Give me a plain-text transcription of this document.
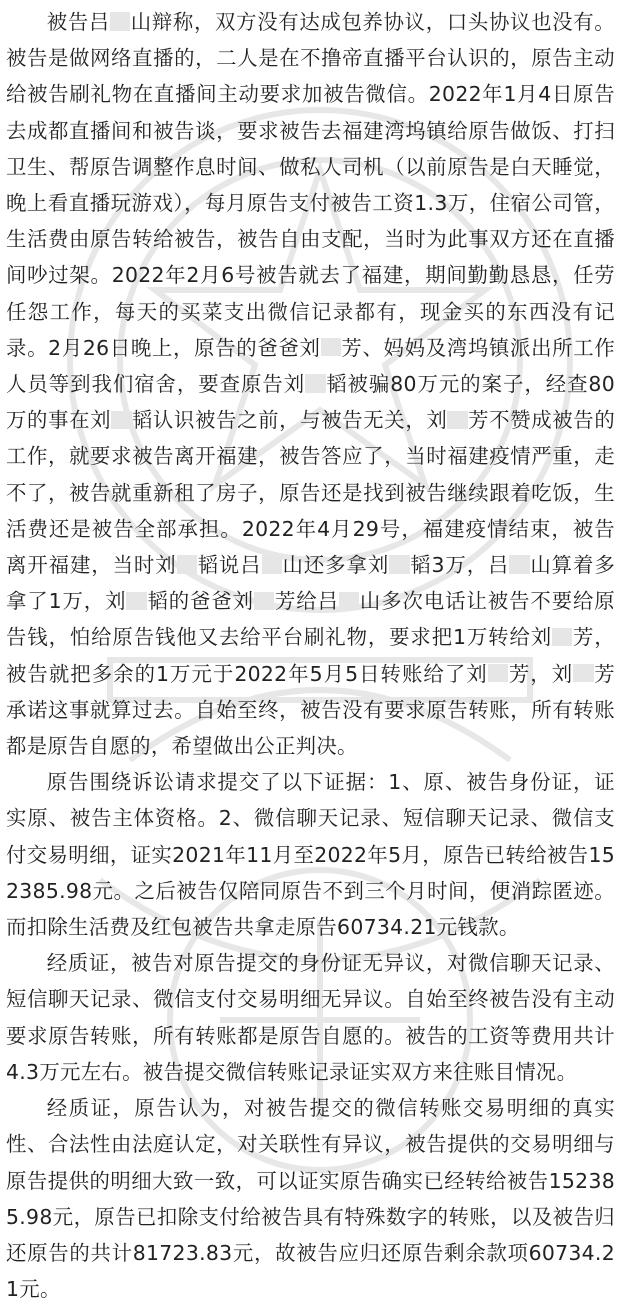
被告吕 山辩称，双方没有达成包养协议，口头协议也没有。被告是做网络直播的，二人是在不撸帝直播平台认识的，原告主动给被告刷礼物在直播间主动要求加被告微信。2022年1月4日原告去成都直播间和被告谈，要求被告去福建湾坞镇给原告做饭、打扫卫生、帮原告调整作息时间、做私人司机（以前原告是白天睡觉，晚上看直播玩游戏），每月原告支付被告工资1.3万，住宿公司管，生活费由原告转给被告，被告自由支配，当时为此事双方还在直播间吵过架。2022年2月6号被告就去了福建，期间勤勤恳恳，任劳任怨工作，每天的买菜支出微信记录都有，现金买的东西没有记录。2月26日晚上，原告的爸爸刘 芳、妈妈及湾坞镇派出所工作人员等到我们宿舍，要查原告刘 韬被骗80万元的案子，经查80万的事在刘 韬认识被告之前，与被告无关，刘 芳不赞成被告的工作，就要求被告离开福建，被告答应了，当时福建疫情严重，走不了，被告就重新租了房子，原告还是找到被告继续跟着吃饭，生活费还是被告全部承担。2022年4月29号，福建疫情结束，被告离开福建，当时刘 韬说吕 山还多拿刘 韬3万，吕 山算着多拿了1万，刘 韬的爸爸刘 芳给吕 山多次电话让被告不要给原告钱，怕给原告钱他又去给平台刷礼物，要求把1万转给刘 芳，被告就把多余的1万元于2022年5月5日转账给了刘 芳，刘 芳承诺这事就算过去。自始至终，被告没有要求原告转账，所有转账都是原告自愿的，希望做出公正判决。

原告围绕诉讼请求提交了以下证据：1、原、被告身份证，证实原、被告主体资格。2、微信聊天记录、短信聊天记录、微信支付交易明细，证实2021年11月至2022年5月，原告已转给被告152385.98元。之后被告仅陪同原告不到三个月时间，便消踪匿迹。而扣除生活费及红包被告共拿走原告60734.21元钱款。

经质证，被告对原告提交的身份证无异议，对微信聊天记录、短信聊天记录、微信支付交易明细无异议。自始至终被告没有主动要求原告转账，所有转账都是原告自愿的。被告的工资等费用共计4.3万元左右。被告提交微信转账记录证实双方来往账目情况。

经质证，原告认为，对被告提交的微信转账交易明细的真实性、合法性由法庭认定，对关联性有异议，被告提供的交易明细与原告提供的明细大致一致，可以证实原告确实已经转给被告152385.98元，原告已扣除支付给被告具有特殊数字的转账，以及被告归还原告的共计81723.83元，故被告应归还原告剩余款项60734.21元。
